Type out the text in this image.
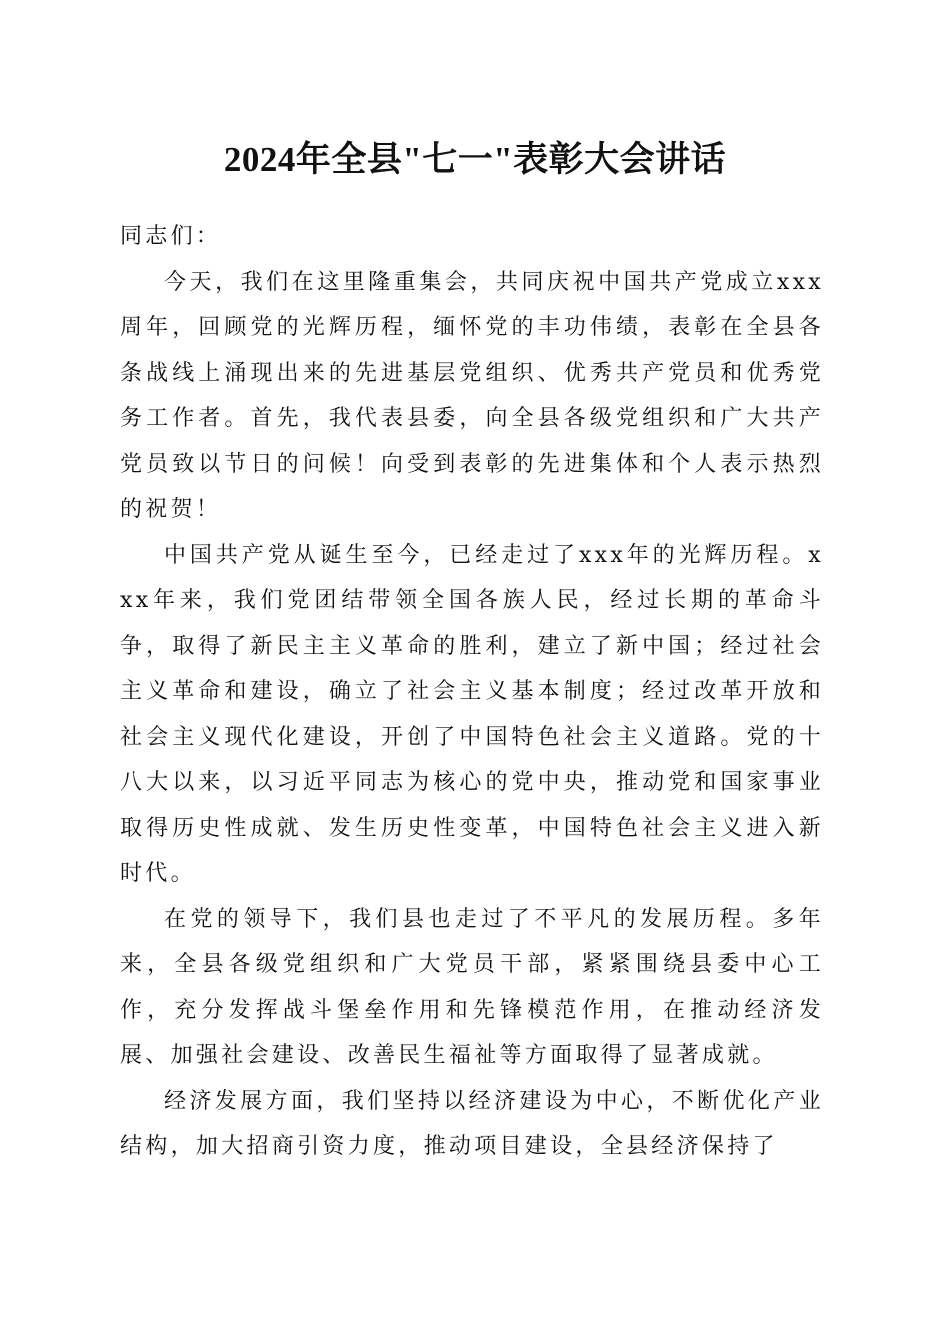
2024年全县"七一"表彰大会讲话

同志们：

今天，我们在这里隆重集会，共同庆祝中国共产党成立xxx周年，回顾党的光辉历程，缅怀党的丰功伟绩，表彰在全县各条战线上涌现出来的先进基层党组织、优秀共产党员和优秀党务工作者。首先，我代表县委，向全县各级党组织和广大共产党员致以节日的问候！向受到表彰的先进集体和个人表示热烈的祝贺！

中国共产党从诞生至今，已经走过了xxx年的光辉历程。xxx年来，我们党团结带领全国各族人民，经过长期的革命斗争，取得了新民主主义革命的胜利，建立了新中国；经过社会主义革命和建设，确立了社会主义基本制度；经过改革开放和社会主义现代化建设，开创了中国特色社会主义道路。党的十八大以来，以习近平同志为核心的党中央，推动党和国家事业取得历史性成就、发生历史性变革，中国特色社会主义进入新时代。

在党的领导下，我们县也走过了不平凡的发展历程。多年来，全县各级党组织和广大党员干部，紧紧围绕县委中心工作，充分发挥战斗堡垒作用和先锋模范作用，在推动经济发展、加强社会建设、改善民生福祉等方面取得了显著成就。

经济发展方面，我们坚持以经济建设为中心，不断优化产业结构，加大招商引资力度，推动项目建设，全县经济保持了
